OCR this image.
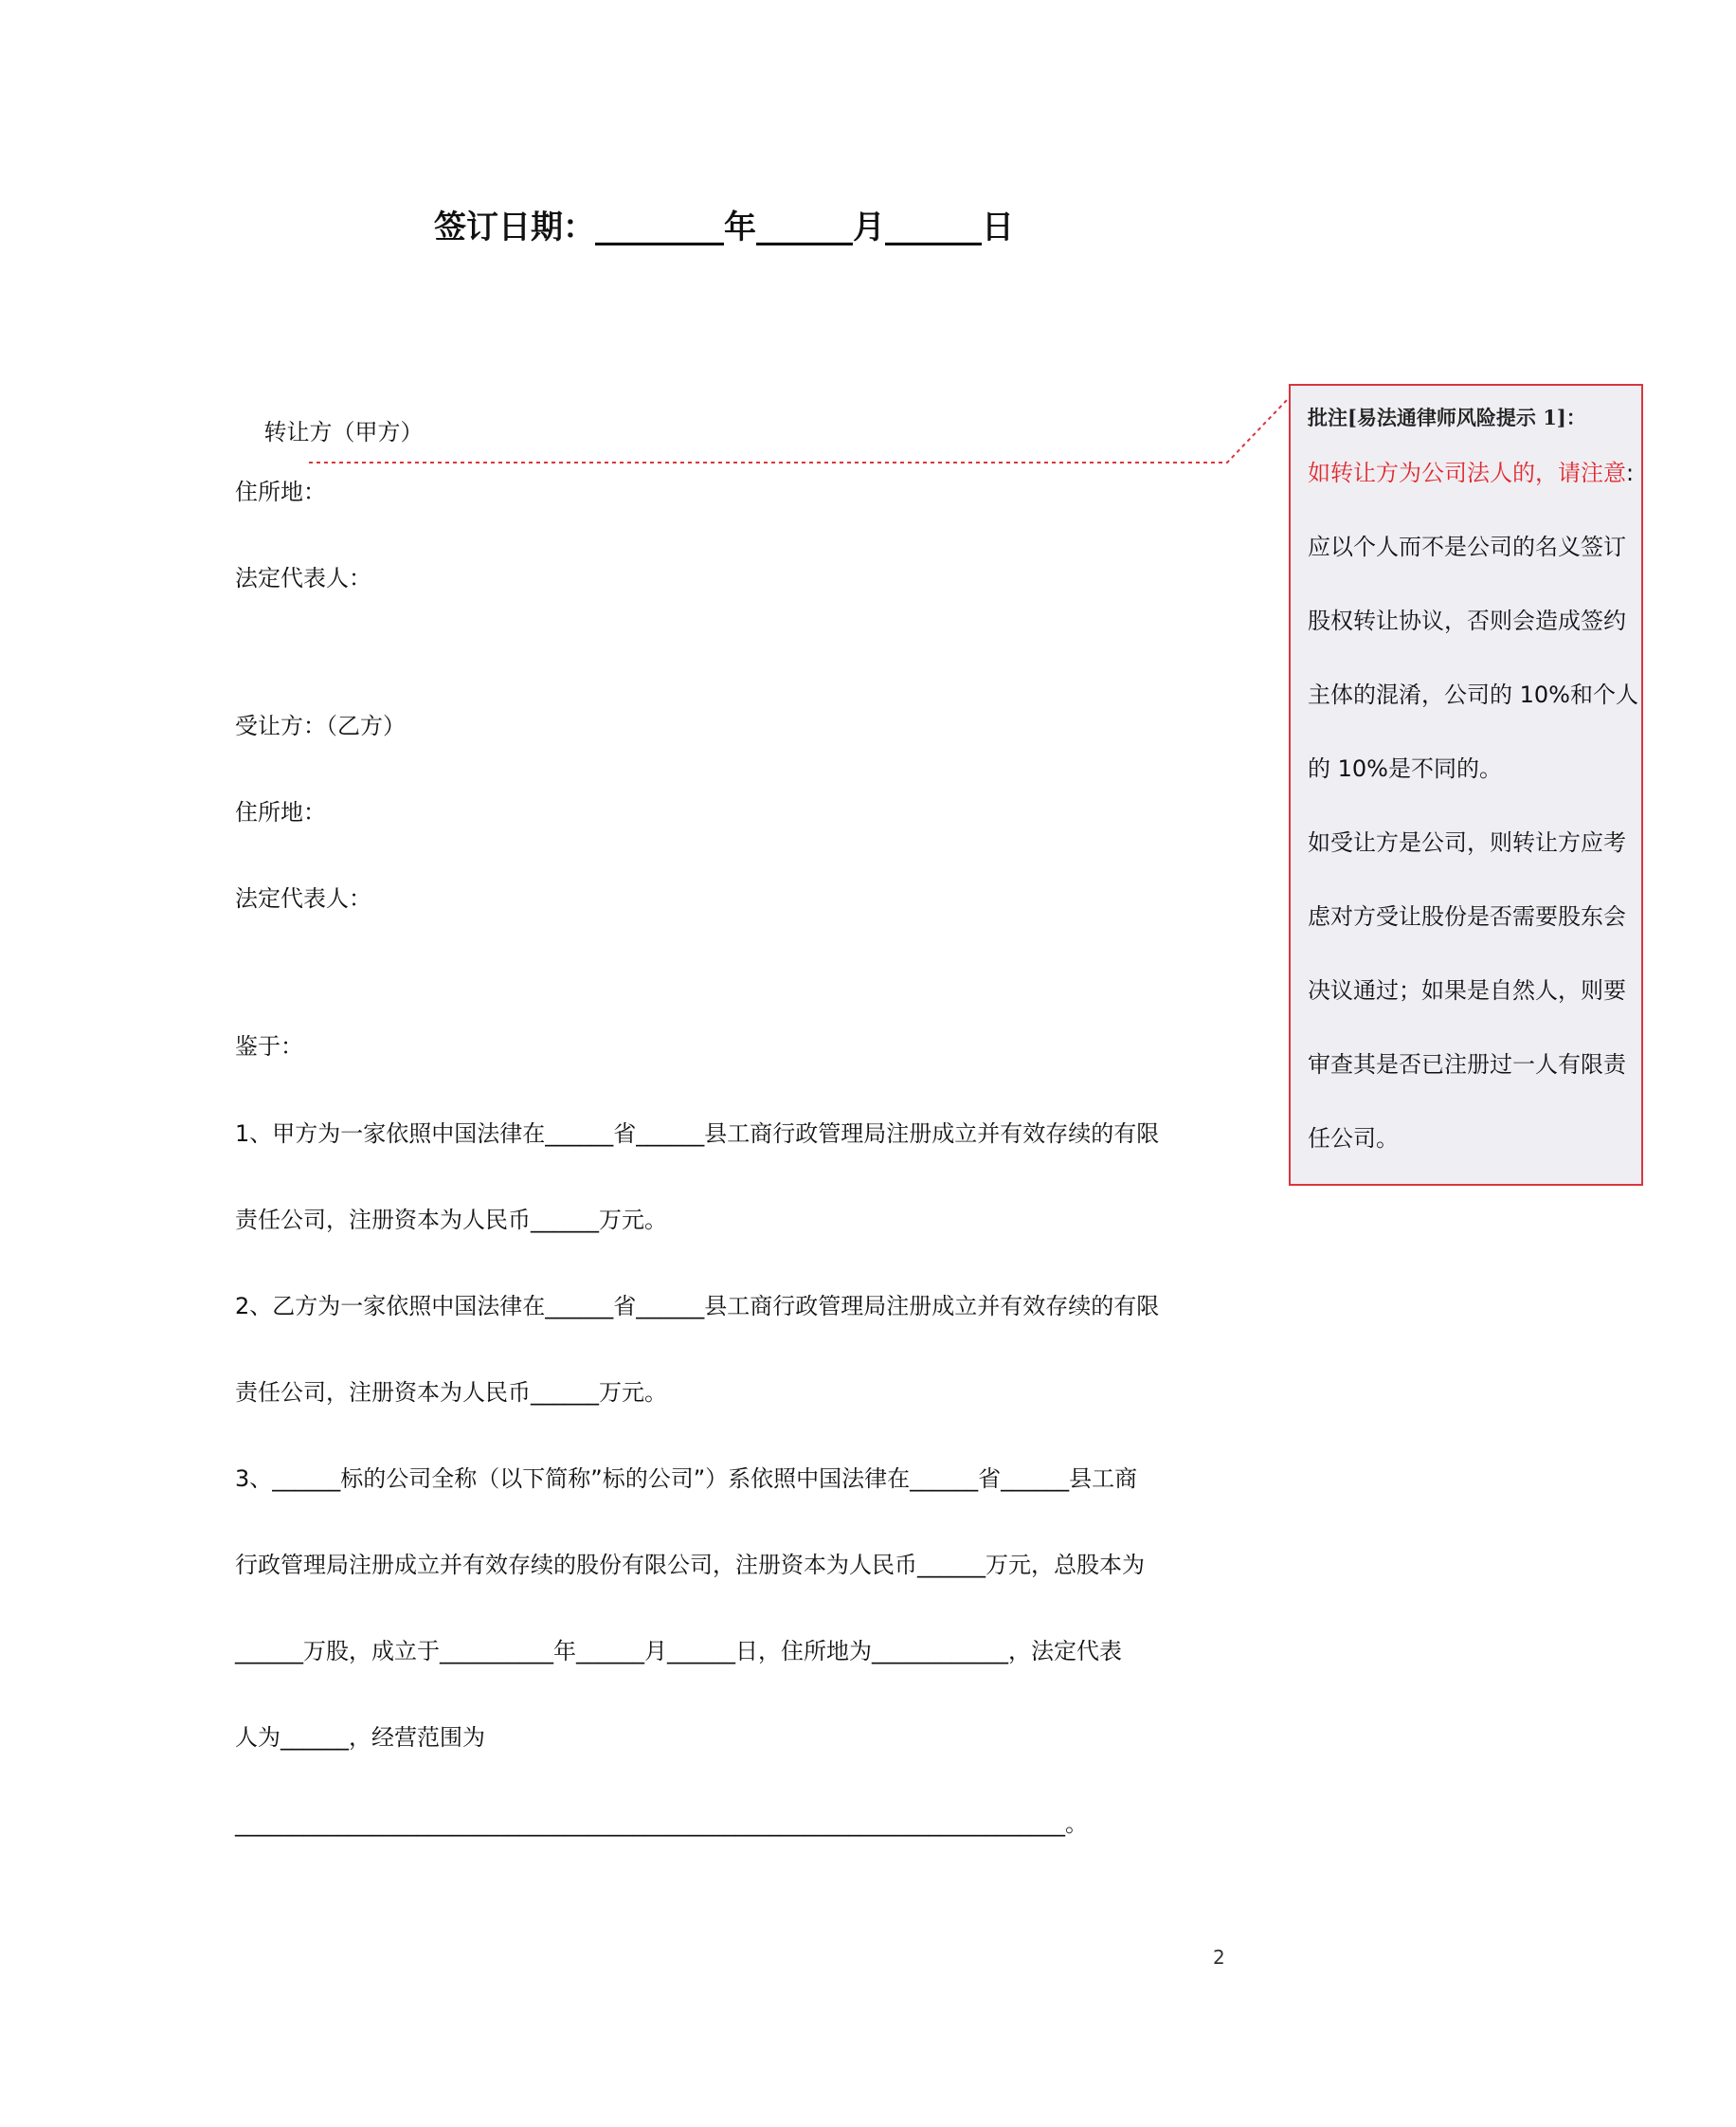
签订日期：________年______月______日

转让方（甲方）

住所地：
法定代表人：
受让方：（乙方）
住所地：
法定代表人：
鉴于：
1、甲方为一家依照中国法律在______省______县工商行政管理局注册成立并有效存续的有限
责任公司，注册资本为人民币______万元。
2、乙方为一家依照中国法律在______省______县工商行政管理局注册成立并有效存续的有限
责任公司，注册资本为人民币______万元。
3、______标的公司全称（以下简称”标的公司”）系依照中国法律在______省______县工商
行政管理局注册成立并有效存续的股份有限公司，注册资本为人民币______万元，总股本为
______万股，成立于__________年______月______日，住所地为____________，法定代表
人为______，经营范围为
_________________________________________________________________________。
批注[易法通律师风险提示 1]：
如转让方为公司法人的，请注意:
应以个人而不是公司的名义签订
股权转让协议，否则会造成签约
主体的混淆，公司的 10%和个人
的 10%是不同的。
如受让方是公司，则转让方应考
虑对方受让股份是否需要股东会
决议通过；如果是自然人，则要
审查其是否已注册过一人有限责
任公司。
2
